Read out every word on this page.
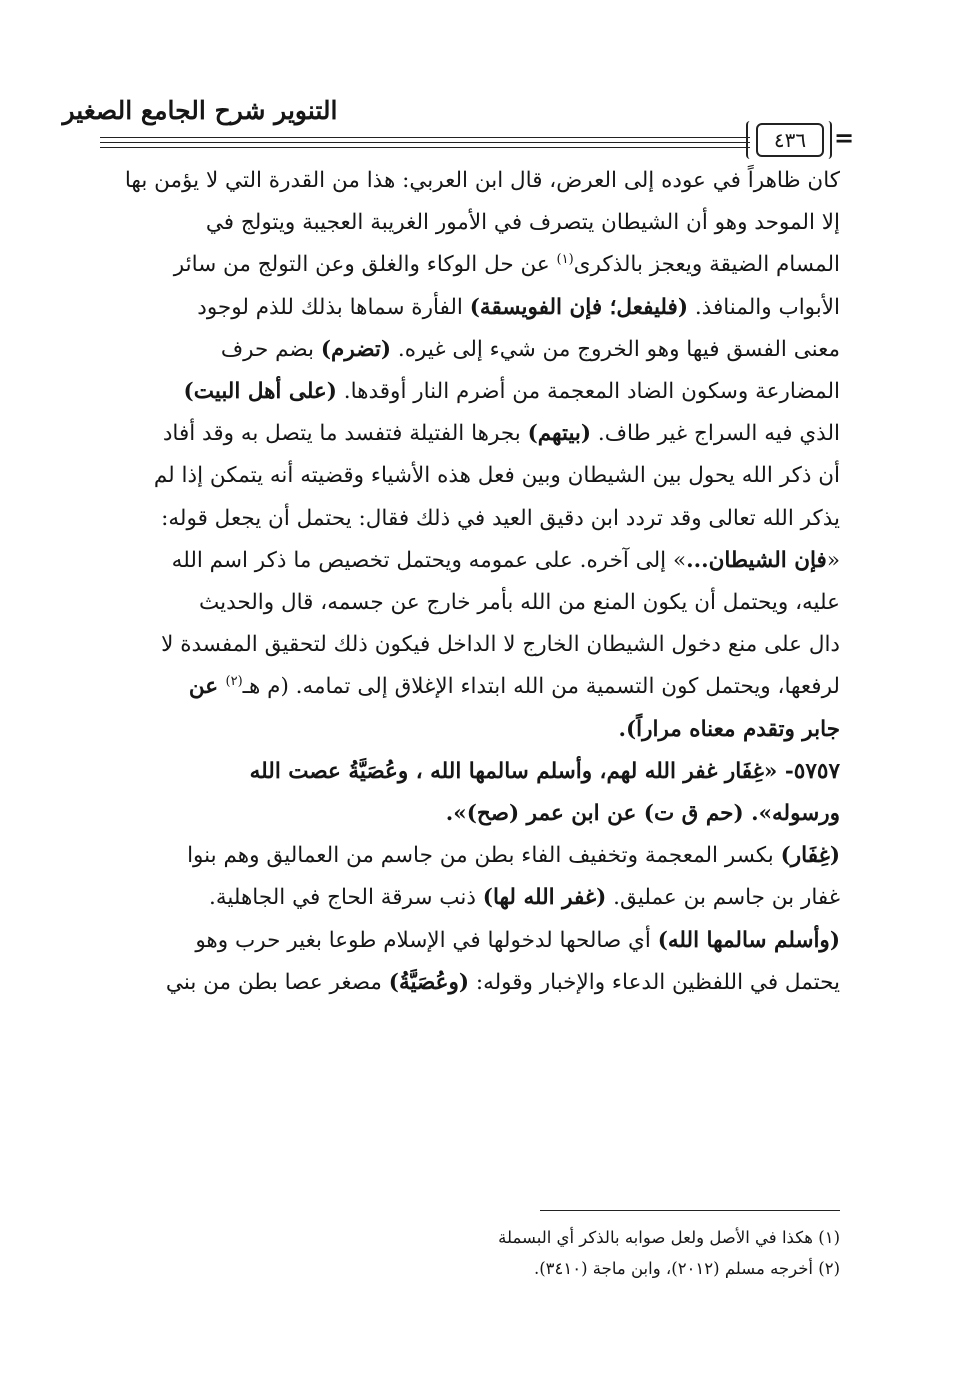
التنوير شرح الجامع الصغير
٤٣٦	=

كان ظاهراً في عوده إلى العرض، قال ابن العربي: هذا من القدرة التي لا يؤمن بها

إلا الموحد وهو أن الشيطان يتصرف في الأمور الغريبة العجيبة ويتولج في

المسام الضيقة ويعجز بالذكرى$^{(١)}$ عن حل الوكاء والغلق وعن التولج من سائر

الأبواب والمنافذ. (فليفعل؛ فإن الفويسقة) الفأرة سماها بذلك للذم لوجود

معنى الفسق فيها وهو الخروج من شيء إلى غيره. (تضرم) بضم حرف

المضارعة وسكون الضاد المعجمة من أضرم النار أوقدها. (على أهل البيت)

الذي فيه السراج غير طاف. (بيتهم) بجرها الفتيلة فتفسد ما يتصل به وقد أفاد

أن ذكر الله يحول بين الشيطان وبين فعل هذه الأشياء وقضيته أنه يتمكن إذا لم

يذكر الله تعالى وقد تردد ابن دقيق العيد في ذلك فقال: يحتمل أن يجعل قوله:

«فإن الشيطان...» إلى آخره. على عمومه ويحتمل تخصيص ما ذكر اسم الله

عليه، ويحتمل أن يكون المنع من الله بأمر خارج عن جسمه، قال والحديث

دال على منع دخول الشيطان الخارج لا الداخل فيكون ذلك لتحقيق المفسدة لا

لرفعها، ويحتمل كون التسمية من الله ابتداء الإغلاق إلى تمامه. (م هـ$^{(٢)}$ عن

جابر وتقدم معناه مراراً).

٥٧٥٧- «غِفَار غفر الله لهم، وأسلم سالمها الله ، وعُصَيَّةُ عصت الله

ورسوله». (حم ق ت) عن ابن عمر (صح)».

(غِفَار) بكسر المعجمة وتخفيف الفاء بطن من جاسم من العماليق وهم بنوا

غفار بن جاسم بن عمليق. (غفر الله لها) ذنب سرقة الحاج في الجاهلية.

(وأسلم سالمها الله) أي صالحها لدخولها في الإسلام طوعا بغير حرب وهو

يحتمل في اللفظين الدعاء والإخبار وقوله: (وعُصَيَّةُ) مصغر عصا بطن من بني

(١) هكذا في الأصل ولعل صوابه بالذكر أي البسملة
(٢) أخرجه مسلم (٢٠١٢)، وابن ماجة (٣٤١٠).
